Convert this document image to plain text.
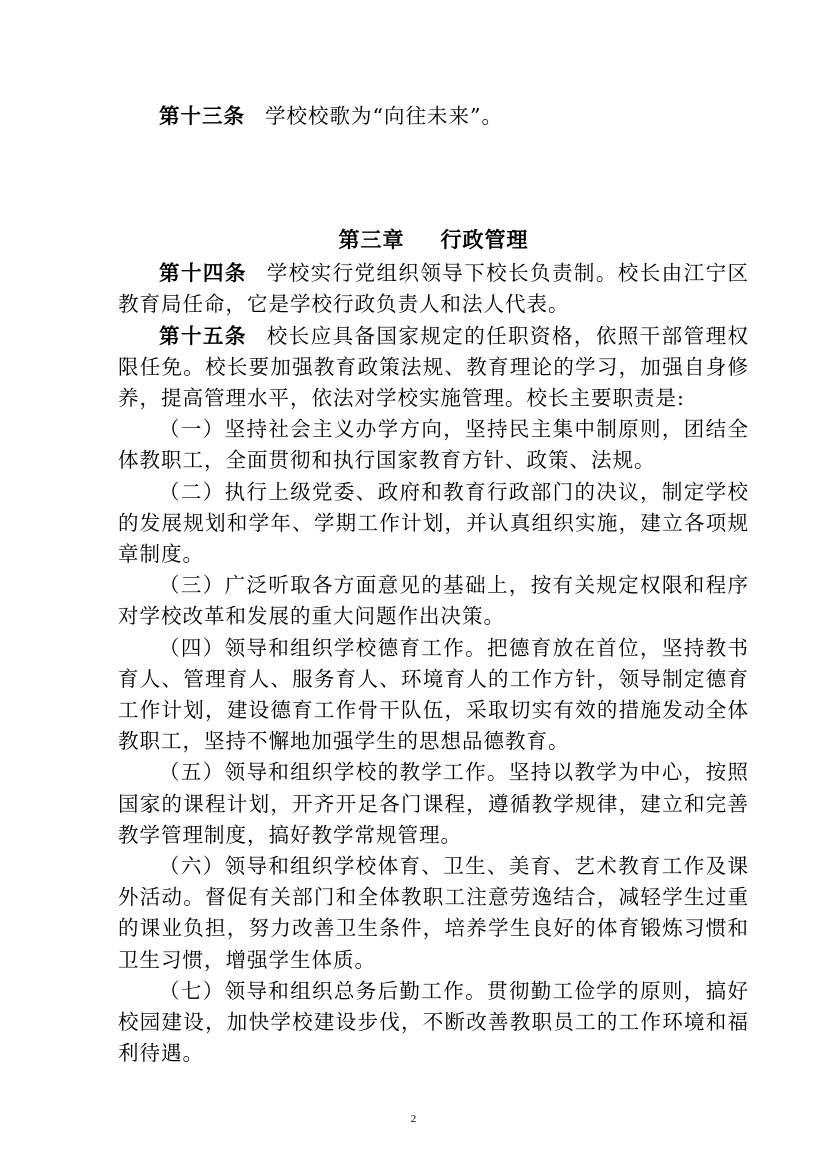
第十三条 学校校歌为“向往未来”。

第三章 行政管理

第十四条 学校实行党组织领导下校长负责制。校长由江宁区教育局任命，它是学校行政负责人和法人代表。

第十五条 校长应具备国家规定的任职资格，依照干部管理权限任免。校长要加强教育政策法规、教育理论的学习，加强自身修养，提高管理水平，依法对学校实施管理。校长主要职责是:

（一）坚持社会主义办学方向，坚持民主集中制原则，团结全体教职工，全面贯彻和执行国家教育方针、政策、法规。

（二）执行上级党委、政府和教育行政部门的决议，制定学校的发展规划和学年、学期工作计划，并认真组织实施，建立各项规章制度。

（三）广泛听取各方面意见的基础上，按有关规定权限和程序对学校改革和发展的重大问题作出决策。

（四）领导和组织学校德育工作。把德育放在首位，坚持教书育人、管理育人、服务育人、环境育人的工作方针，领导制定德育工作计划，建设德育工作骨干队伍，采取切实有效的措施发动全体教职工，坚持不懈地加强学生的思想品德教育。

（五）领导和组织学校的教学工作。坚持以教学为中心，按照国家的课程计划，开齐开足各门课程，遵循教学规律，建立和完善教学管理制度，搞好教学常规管理。

（六）领导和组织学校体育、卫生、美育、艺术教育工作及课外活动。督促有关部门和全体教职工注意劳逸结合，减轻学生过重的课业负担，努力改善卫生条件，培养学生良好的体育锻炼习惯和卫生习惯，增强学生体质。

（七）领导和组织总务后勤工作。贯彻勤工俭学的原则，搞好校园建设，加快学校建设步伐，不断改善教职员工的工作环境和福利待遇。

2
